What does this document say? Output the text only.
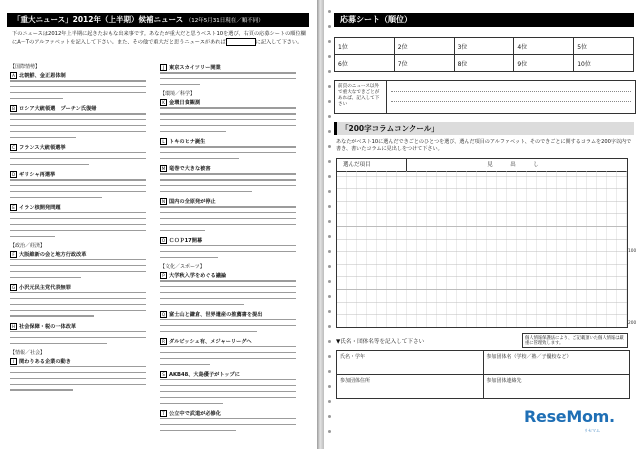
「重大ニュース」2012年（上半期）候補ニュース （12年5月31日現在／順不同）
下のニュースは2012年上半期に起きたおもな出来事です。あなたが重大だと思うベスト10を選び、右頁の応募シートの順位欄にA～Tのアルファベットを記入して下さい。また、その他で重大だと思うニュースがあれば	に記入して下さい。
【国際情勢】
A 北朝鮮、金正恩体制
B ロシア大統領選　プーチン氏復帰
C フランス大統領選挙
D ギリシャ再選挙
E イラン核開発問題
【政治／経済】
F 大阪維新の会と地方行政改革
G 小沢元民主党代表無罪
H 社会保障・税の一体改革
【情報／社会】
I 関わりある企業の動き
J 東京スカイツリー開業
【環境／科学】
K 金環日食観測
L トキのヒナ誕生
M 竜巻で大きな被害
N 国内の全原発が停止
O ＣＯＰ17開幕
【文化／スポーツ】
P 大学秋入学をめぐる議論
Q 富士山と鎌倉、世界遺産の推薦書を提出
R ダルビッシュ有、メジャーリーグへ
S AKB48、大島優子がトップに
T 公立中で武道が必修化
応募シート（順位）
1位	2位	3位	4位	5位
6位	7位	8位	9位	10位
前頁のニュース以外で重大なできごとがあれば、記入して下さい
「200字コラムコンクール」
あなたがベスト10に選んだできごとのひとつを選び、選んだ項目のアルファベット、そのできごとに関するコラムを200字以内で書き、書いたコラムに見出しをつけて下さい。
選んだ項目	見　出　し
100
200
▼氏名・団体名等を記入して下さい
個人情報保護法により、ご記載頂いた個人情報は厳重に管理致します。
氏名・学年	参加団体名（学校／塾／子優校など）
参加団体住所	参加団体連絡先
ReseMom.
リセマム
